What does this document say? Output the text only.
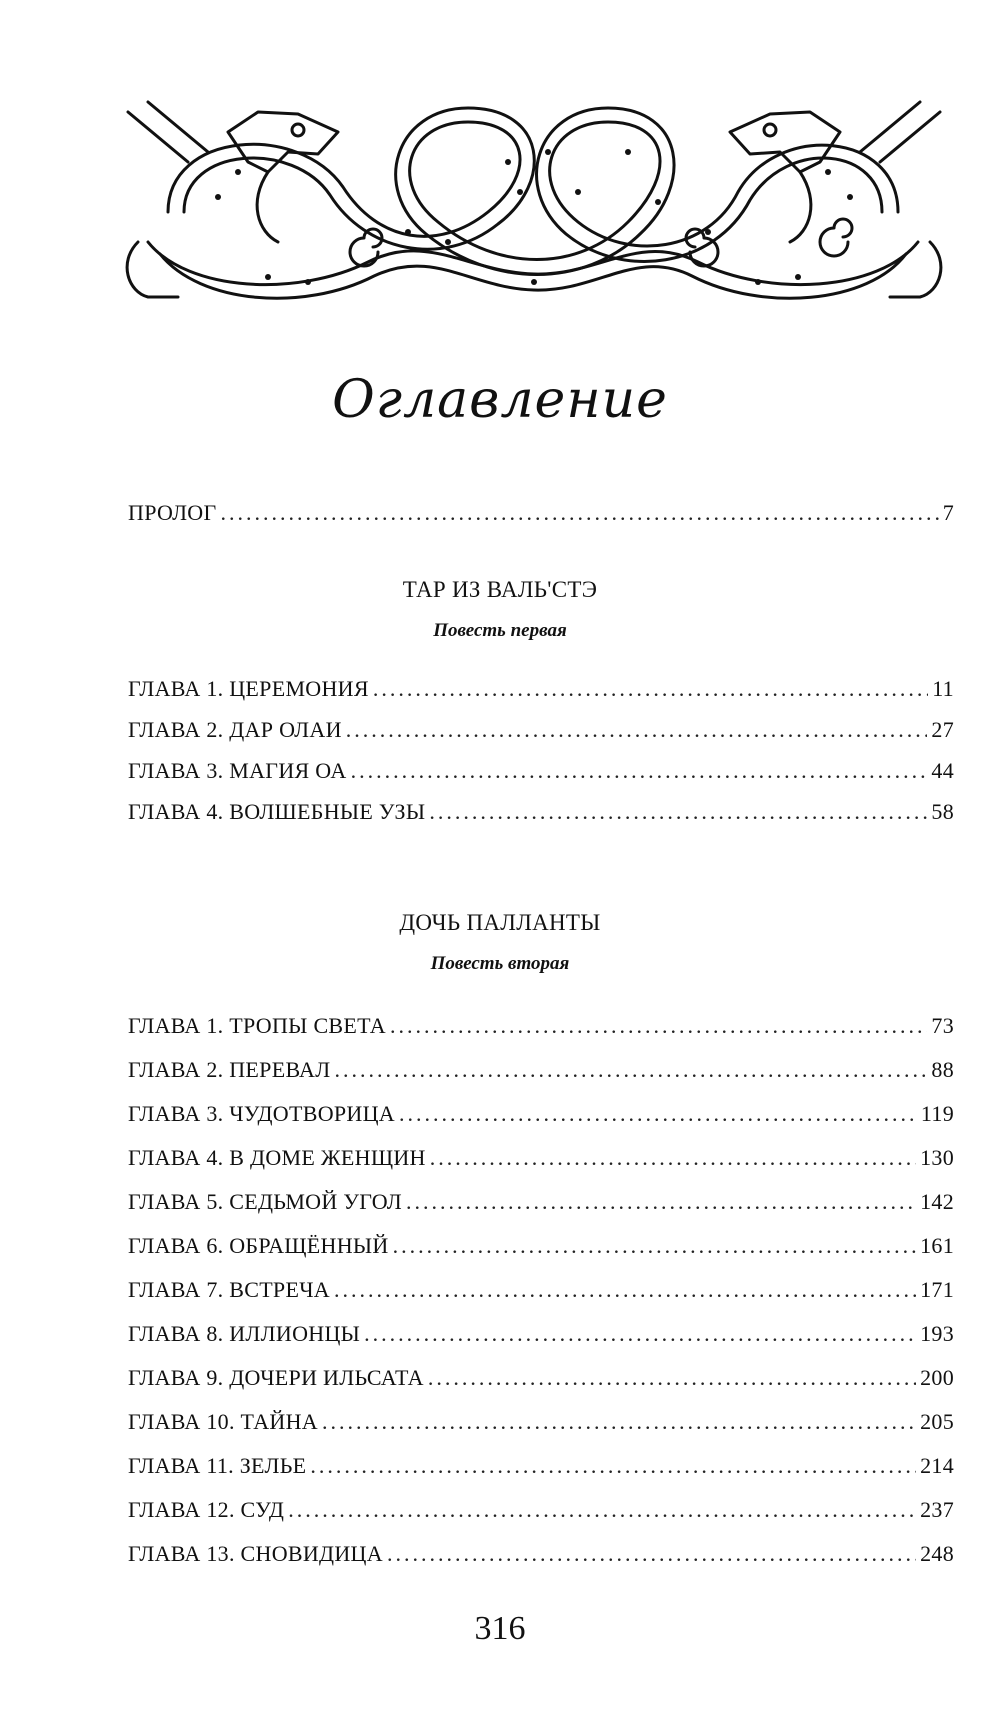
Оглавление
ПРОЛОГ .....	7
ТАР ИЗ ВАЛЬ'СТЭ
Повесть первая
ГЛАВА 1. ЦЕРЕМОНИЯ .....	11
ГЛАВА 2. ДАР ОЛАИ .....	27
ГЛАВА 3. МАГИЯ ОА .....	44
ГЛАВА 4. ВОЛШЕБНЫЕ УЗЫ .....	58
ДОЧЬ ПАЛЛАНТЫ
Повесть вторая
ГЛАВА 1. ТРОПЫ СВЕТА .....	73
ГЛАВА 2. ПЕРЕВАЛ .....	88
ГЛАВА 3. ЧУДОТВОРИЦА .....	119
ГЛАВА 4. В ДОМЕ ЖЕНЩИН .....	130
ГЛАВА 5. СЕДЬМОЙ УГОЛ .....	142
ГЛАВА 6. ОБРАЩЁННЫЙ .....	161
ГЛАВА 7. ВСТРЕЧА .....	171
ГЛАВА 8. ИЛЛИОНЦЫ .....	193
ГЛАВА 9. ДОЧЕРИ ИЛЬСАТА .....	200
ГЛАВА 10. ТАЙНА .....	205
ГЛАВА 11. ЗЕЛЬЕ .....	214
ГЛАВА 12. СУД .....	237
ГЛАВА 13. СНОВИДИЦА .....	248
316
